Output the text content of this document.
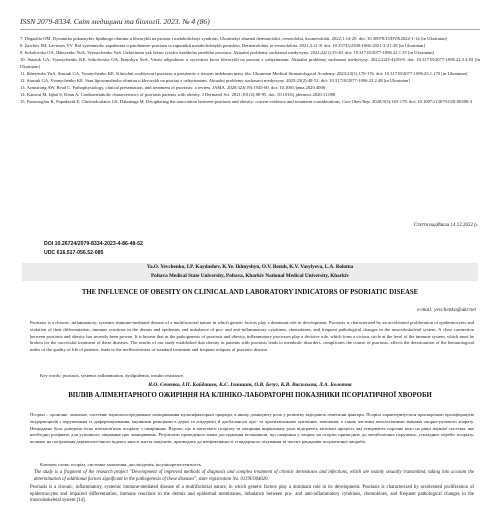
ISSN 2079-8334. Світ медицини та біології. 2023. № 4 (86)
7. Degasilia OM. Dynamika pokaznykiv lipidnogo obminu u khvorykh na psoriaz i metabolichnyi syndrom. Ukrainskyi zhurnal dermatolohii, venerolohii, kosmetolohii. 2022;1:14-20. doi: 10.30978/UJDVK2022-1-14 [in Ukrainian]
8. Zaichev IM, Lavrinov VV. Rol systemnoho zapalennia u patoheneze psoriazu ta suputnikh metabolichnykh porushen. Dermatolohiia ta venerolohiia. 2021;3:21-8. doi: 10.33743/2308-1066-2021-3-21-28 [in Ukrainian]
9. Sokolovska OA, Ikheyenko YuA, Vynnychenko YuS. Ozhyrinnia yak faktor ryzyku tiazhkoho perebihu psoriazu. Aktualni problemy suchasnoi medytsyny. 2022;22(1):35-40. doi: 10.31718/2077-1096.22.1.35 [in Ukrainian]
10. Stasiuk GA, Vynnychenko KE, Sokolovska OA, Iknyshyn YuA. Vmist adypokiniv u syrovattsi krovi khvorykh na psoriaz z ozhyrinniam. Aktualni problemy suchasnoi medytsyny. 2022;22(3-4):83-8. doi: 10.31718/2077-1096.22.3.4.83 [in Ukrainian]
11. Ikheyenko YuA, Stasiuk GA, Vynnychenko KE. Klinichni osoblyvosti psoriazu u patsiientiv z riznym indeksom masy tila. Ukrainian Medical Stomatological Academy. 2023;23(1):170-176. doi: 10.31718/2077-1096.23.1.170 [in Ukrainian]
12. Stasiuk GA, Vynnychenko KE. Stan liposomalnoho obminu u khvorykh na psoriaz z ozhyrinniam. Aktualni problemy suchasnoi medytsyny. 2023;23(2):48-52. doi: 10.31718/2077-1096.23.2.48 [in Ukrainian]
13. Armstrong AW, Read C. Pathophysiology, clinical presentation, and treatment of psoriasis: a review. JAMA. 2020;323(19):1945-60. doi: 10.1001/jama.2020.4006
14. Kanwal M, Iqbal S, Khan A. Cardiometabolic characteristics of psoriasis patients with obesity. J Dermatol Sci. 2021;101(2):88-95. doi: 10.1016/j.jdermsci.2020.11.008
15. Paroutoglou K, Papadavid E, Christodoulatos GS, Dalamaga M. Deciphering the association between psoriasis and obesity: current evidence and treatment considerations. Curr Obes Rep. 2020;9(3):165-178. doi: 10.1007/s13679-020-00380-3
Стаття надійшла 14.12.2022 р.
DOI 10.26724/2079-8334-2023-4-86-48-52
UDC 616.517-056.52-085
Ya.O. Yevchenko, I.P. Kaydashev, K.Ye. Ikhnyshyn, O.V. Bezuh, K.V. Vasylyeva, L.A. Bolotna
Poltava Medical State University, Poltava, Kharkiv National Medical University, Kharkiv
THE INFLUENCE OF OBESITY ON CLINICAL AND LABORATORY INDICATORS OF PSORIATIC DISEASE
e-mail: yevchenko@ukr.net
Psoriasis is a chronic, inflammatory, systemic immune-mediated disease of a multifactorial nature in which genetic factors play a dominant role in development. Psoriasis is characterized by an accelerated proliferation of epidermocytes and violation of their differentiation, immune reactions in the dermis and epidermis and imbalance of pro- and anti-inflammatory cytokines, chemokines, and frequent pathological changes in the musculoskeletal system. A close connection between psoriasis and obesity has recently been proven. It is known that in the pathogenesis of psoriasis and obesity, inflammatory processes play a decisive role, which form a vicious circle at the level of the immune system, which must be broken for the successful treatment of these diseases. The results of our study established that obesity in patients with psoriasis leads to metabolic disorders, complicates the course of psoriasis, affects the deterioration of the hematological index of the quality of life of patients, leads to the ineffectiveness of standard treatment and frequent relapses of psoriatic disease.
Key words: psoriasis, systemic inflammation, dyslipidemia, insulin resistance.
Я.О. Євченко, І.П. Кайдашев, К.Є. Іхнишин, О.В. Безуг, К.В. Васильєва, Л.А. Болотна
ВПЛИВ АЛІМЕНТАРНОГО ОЖИРІННЯ НА КЛІНІКО-ЛАБОРАТОРНІ ПОКАЗНИКИ ПСОРІАТИЧНОЇ ХВОРОБИ
Псоріаз – хронічне, запальне, системне імуноопосередковане захворювання мультифакторної природи, в якому домінуючу роль у розвитку відіграють генетичні фактори. Псоріаз характеризується прискореною проліферацією епідермоцитів і порушенням їх диференціювання, імунними реакціями в дермі та епідермісі й дисбалансом про- та протизапальних цитокінів, хемокінів, а також частими патологічними змінами опорно-рухового апарату. Нещодавно була доведена тісна взаємозв'язок псоріазу з ожирінням. Відомо, що в патогенезі псоріазу та ожиріння вирішальну роль відіграють запальні процеси, які утворюють порочне коло на рівні імунної системи, яке необхідно розірвати для успішного лікування цих захворювань. Результати проведеного нами дослідження встановили, що ожиріння у хворих на псоріаз призводить до метаболічних порушень, ускладнює перебіг псоріазу, впливає на погіршення дерматологічного індексу якості життя пацієнтів, призводить до неефективності стандартного лікування та частих рецидивів псоріатичної хвороби.
Ключові слова: псоріаз, системне запалення, дисліпідемія, інсулінорезистентність.
The study is a fragment of the research project "Development of improved methods of diagnosis and complex treatment of chronic dermatoses and infections, which are mainly sexually transmitted, taking into account the determination of additional factors significant in the pathogenesis of these diseases", state registration No. 0119U004020.
Psoriasis is a chronic, inflammatory, systemic immune-mediated disease of a multifactorial nature, in which genetic factors play a dominant role in its development. Psoriasis is characterized by accelerated proliferation of epidermocytes and impaired differentiation, immune reactions in the dermis and epidermal membranes, imbalance between pro- and anti-inflammatory cytokines, chemokines, and frequent pathological changes in the musculoskeletal system [14].
